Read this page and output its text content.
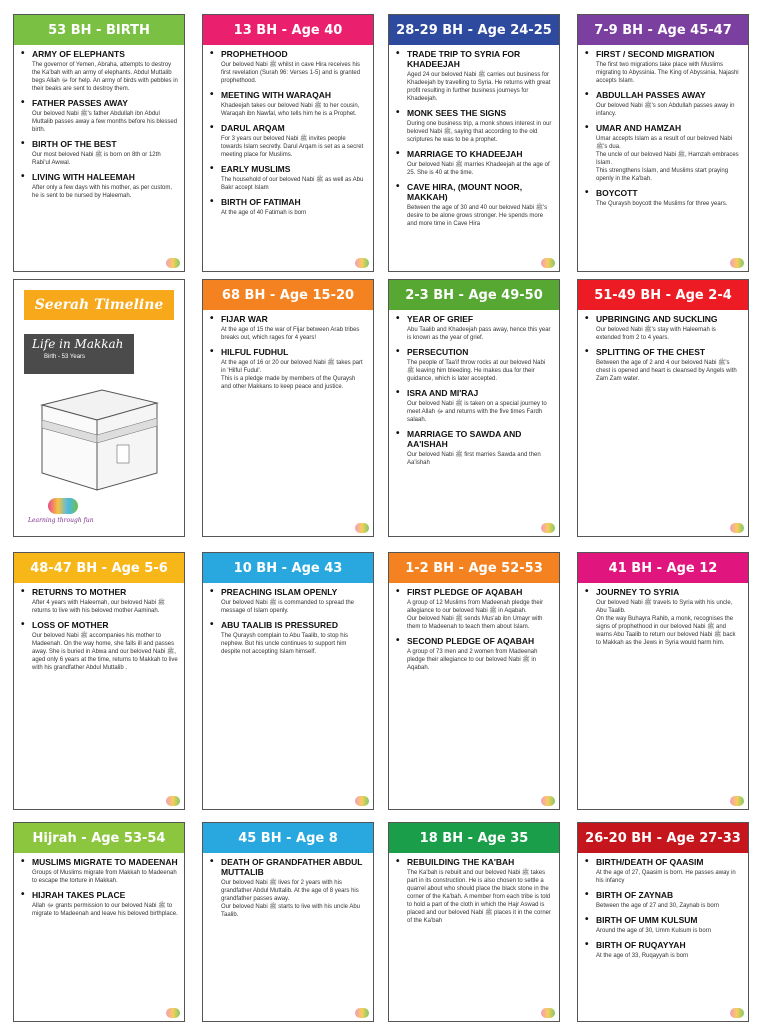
53 BH - BIRTH
• ARMY OF ELEPHANTS
The governor of Yemen, Abraha, attempts to destroy the Ka'bah with an army of elephants. Abdul Muttalib begs Allah ﷻ for help. An army of birds with pebbles in their beaks are sent to destroy them.
• FATHER PASSES AWAY
Our beloved Nabi ﷺ's father Abdullah ibn Abdul Muttalib passes away a few months before his blessed birth.
• BIRTH OF THE BEST
Our most beloved Nabi ﷺ is born on 8th or 12th Rabi'ul Awwal.
• LIVING WITH HALEEMAH
After only a few days with his mother, as per custom, he is sent to be nursed by Haleemah.
13 BH - Age 40
• PROPHETHOOD
Our beloved Nabi ﷺ whilst in cave Hira receives his first revelation (Surah 96: Verses 1-5) and is granted prophethood.
• MEETING WITH WARAQAH
Khadeejah takes our beloved Nabi ﷺ to her cousin, Waraqah ibn Nawfal, who tells him he is a Prophet.
• DARUL ARQAM
For 3 years our beloved Nabi ﷺ invites people towards Islam secretly. Darul Arqam is set as a secret meeting place for Muslims.
• EARLY MUSLIMS
The household of our beloved Nabi ﷺ as well as Abu Bakr accept Islam
• BIRTH OF FATIMAH
At the age of 40 Fatimah is born
28-29 BH - Age 24-25
• TRADE TRIP TO SYRIA FOR KHADEEJAH
Aged 24 our beloved Nabi ﷺ carries out business for Khadeejah by travelling to Syria. He returns with great profit resulting in further business journeys for Khadeejah.
• MONK SEES THE SIGNS
During one business trip, a monk shows interest in our beloved Nabi ﷺ, saying that according to the old scriptures he was to be a prophet.
• MARRIAGE TO KHADEEJAH
Our beloved Nabi ﷺ marries Khadeejah at the age of 25. She is 40 at the time.
• CAVE HIRA, (MOUNT NOOR, MAKKAH)
Between the age of 30 and 40 our beloved Nabi ﷺ's desire to be alone grows stronger. He spends more and more time in Cave Hira
7-9 BH - Age 45-47
• FIRST / SECOND MIGRATION
The first two migrations take place with Muslims migrating to Abyssinia. The King of Abyssinia, Najashi accepts Islam.
• ABDULLAH PASSES AWAY
Our beloved Nabi ﷺ's son Abdullah passes away in infancy.
• UMAR AND HAMZAH
Umar accepts Islam as a result of our beloved Nabi ﷺ's dua.
The uncle of our beloved Nabi ﷺ, Hamzah embraces Islam.
This strengthens Islam, and Muslims start praying openly in the Ka'bah.
• BOYCOTT
The Quraysh boycott the Muslims for three years.
68 BH - Age 15-20
• FIJAR WAR
At the age of 15 the war of Fijar between Arab tribes breaks out, which rages for 4 years!
• HILFUL FUDHUL
At the age of 16 or 20 our beloved Nabi ﷺ takes part in 'Hilful Fudul'.
This is a pledge made by members of the Quraysh and other Makkans to keep peace and justice.
2-3 BH - Age 49-50
• YEAR OF GRIEF
Abu Taalib and Khadeejah pass away, hence this year is known as the year of grief.
• PERSECUTION
The people of Taa'if throw rocks at our beloved Nabi ﷺ leaving him bleeding. He makes dua for their guidance, which is later accepted.
• ISRA AND MI'RAJ
Our beloved Nabi ﷺ is taken on a special journey to meet Allah ﷻ and returns with the five times Fardh salaah.
• MARRIAGE TO SAWDA AND AA'ISHAH
Our beloved Nabi ﷺ first marries Sawda and then Aa'ishah
51-49 BH - Age 2-4
• UPBRINGING AND SUCKLING
Our beloved Nabi ﷺ's stay with Haleemah is extended from 2 to 4 years.
• SPLITTING OF THE CHEST
Between the age of 2 and 4 our beloved Nabi ﷺ's chest is opened and heart is cleansed by Angels with Zam Zam water.
48-47 BH - Age 5-6
• RETURNS TO MOTHER
After 4 years with Haleemah, our beloved Nabi ﷺ returns to live with his beloved mother Aaminah.
• LOSS OF MOTHER
Our beloved Nabi ﷺ accompanies his mother to Madeenah. On the way home, she falls ill and passes away. She is buried in Abwa and our beloved Nabi ﷺ, aged only 6 years at the time, returns to Makkah to live with his grandfather Abdul Muttalib .
10 BH - Age 43
• PREACHING ISLAM OPENLY
Our beloved Nabi ﷺ is commanded to spread the message of Islam openly.
• ABU TAALIB IS PRESSURED
The Quraysh complain to Abu Taalib, to stop his nephew. But his uncle continues to support him despite not accepting Islam himself.
1-2 BH - Age 52-53
• FIRST PLEDGE OF AQABAH
A group of 12 Muslims from Madeenah pledge their allegiance to our beloved Nabi ﷺ in Aqabah.
Our beloved Nabi ﷺ sends Mus'ab ibn Umayr with them to Madeenah to teach them about Islam.
• SECOND PLEDGE OF AQABAH
A group of 73 men and 2 women from Madeenah pledge their allegiance to our beloved Nabi ﷺ in Aqabah.
41 BH - Age 12
• JOURNEY TO SYRIA
Our beloved Nabi ﷺ travels to Syria with his uncle, Abu Taalib.
On the way Buhayra Rahib, a monk, recognises the signs of prophethood in our beloved Nabi ﷺ and warns Abu Taalib to return our beloved Nabi ﷺ back to Makkah as the Jews in Syria would harm him.
Hijrah - Age 53-54
• MUSLIMS MIGRATE TO MADEENAH
Groups of Muslims migrate from Makkah to Madeenah to escape the torture in Makkah.
• HIJRAH TAKES PLACE
Allah ﷻ grants permission to our beloved Nabi ﷺ to migrate to Madeenah and leave his beloved birthplace.
45 BH - Age 8
• DEATH OF GRANDFATHER ABDUL MUTTALIB
Our beloved Nabi ﷺ lives for 2 years with his grandfather Abdul Muttalib. At the age of 8 years his grandfather passes away.
Our beloved Nabi ﷺ starts to live with his uncle Abu Taalib.
18 BH - Age 35
• REBUILDING THE KA'BAH
The Ka'bah is rebuilt and our beloved Nabi ﷺ takes part in its construction. He is also chosen to settle a quarrel about who should place the black stone in the corner of the Ka'bah. A member from each tribe is told to hold a part of the cloth in which the Hajr Aswad is placed and our beloved Nabi ﷺ places it in the corner of the Ka'bah
26-20 BH - Age 27-33
• BIRTH/DEATH OF QAASIM
At the age of 27, Qaasim is born. He passes away in his infancy
• BIRTH OF ZAYNAB
Between the age of 27 and 30, Zaynab is born
• BIRTH OF UMM KULSUM
Around the age of 30, Umm Kulsum is born
• BIRTH OF RUQAYYAH
At the age of 33, Ruqayyah is born
Seerah Timeline
Life in Makkah
Birth - 53 Years
Learning through fun
